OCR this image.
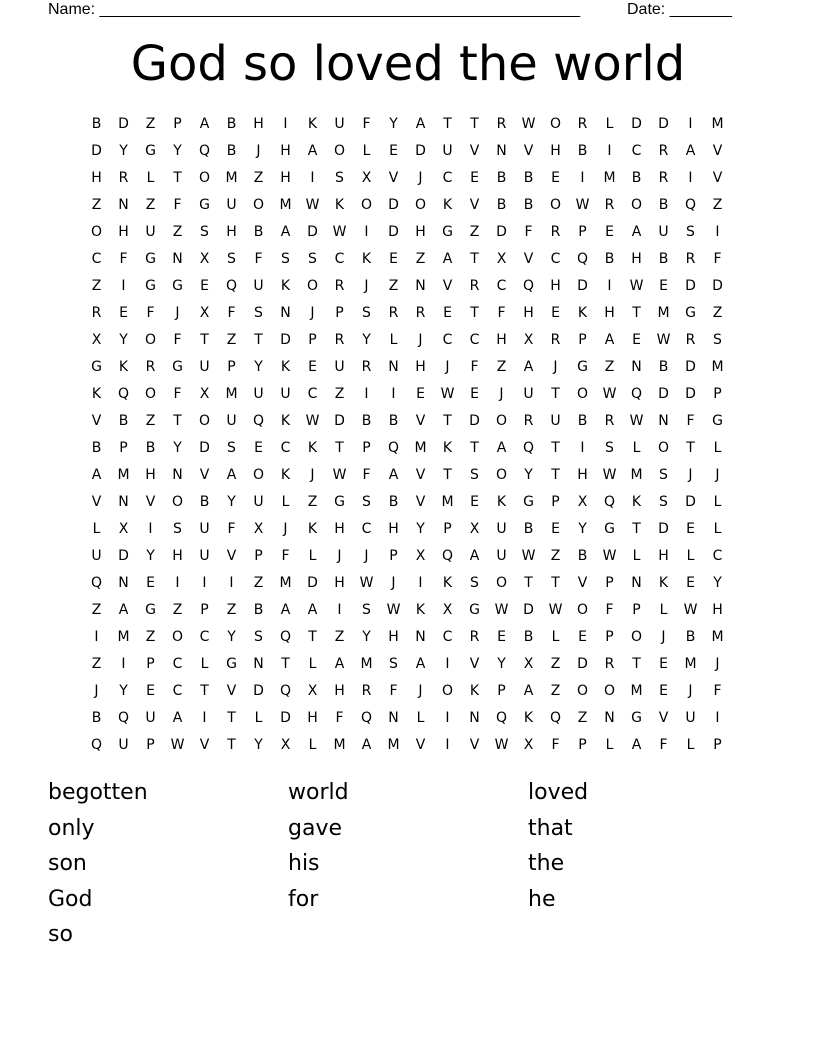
Name: ______________________________________________________	Date: _______
God so loved the world
B	D	Z	P	A	B	H	I	K	U	F	Y	A	T	T	R	W	O	R	L	D	D	I	M
D	Y	G	Y	Q	B	J	H	A	O	L	E	D	U	V	N	V	H	B	I	C	R	A	V
H	R	L	T	O	M	Z	H	I	S	X	V	J	C	E	B	B	E	I	M	B	R	I	V
Z	N	Z	F	G	U	O	M	W	K	O	D	O	K	V	B	B	O	W	R	O	B	Q	Z
O	H	U	Z	S	H	B	A	D	W	I	D	H	G	Z	D	F	R	P	E	A	U	S	I
C	F	G	N	X	S	F	S	S	C	K	E	Z	A	T	X	V	C	Q	B	H	B	R	F
Z	I	G	G	E	Q	U	K	O	R	J	Z	N	V	R	C	Q	H	D	I	W	E	D	D
R	E	F	J	X	F	S	N	J	P	S	R	R	E	T	F	H	E	K	H	T	M	G	Z
X	Y	O	F	T	Z	T	D	P	R	Y	L	J	C	C	H	X	R	P	A	E	W	R	S
G	K	R	G	U	P	Y	K	E	U	R	N	H	J	F	Z	A	J	G	Z	N	B	D	M
K	Q	O	F	X	M	U	U	C	Z	I	I	E	W	E	J	U	T	O	W	Q	D	D	P
V	B	Z	T	O	U	Q	K	W	D	B	B	V	T	D	O	R	U	B	R	W	N	F	G
B	P	B	Y	D	S	E	C	K	T	P	Q	M	K	T	A	Q	T	I	S	L	O	T	L
A	M	H	N	V	A	O	K	J	W	F	A	V	T	S	O	Y	T	H	W	M	S	J	J
V	N	V	O	B	Y	U	L	Z	G	S	B	V	M	E	K	G	P	X	Q	K	S	D	L
L	X	I	S	U	F	X	J	K	H	C	H	Y	P	X	U	B	E	Y	G	T	D	E	L
U	D	Y	H	U	V	P	F	L	J	J	P	X	Q	A	U	W	Z	B	W	L	H	L	C
Q	N	E	I	I	I	Z	M	D	H	W	J	I	K	S	O	T	T	V	P	N	K	E	Y
Z	A	G	Z	P	Z	B	A	A	I	S	W	K	X	G	W	D	W	O	F	P	L	W	H
I	M	Z	O	C	Y	S	Q	T	Z	Y	H	N	C	R	E	B	L	E	P	O	J	B	M
Z	I	P	C	L	G	N	T	L	A	M	S	A	I	V	Y	X	Z	D	R	T	E	M	J
J	Y	E	C	T	V	D	Q	X	H	R	F	J	O	K	P	A	Z	O	O	M	E	J	F
B	Q	U	A	I	T	L	D	H	F	Q	N	L	I	N	Q	K	Q	Z	N	G	V	U	I
Q	U	P	W	V	T	Y	X	L	M	A	M	V	I	V	W	X	F	P	L	A	F	L	P
begotten	world	loved
only	gave	that
son	his	the
God	for	he
so
